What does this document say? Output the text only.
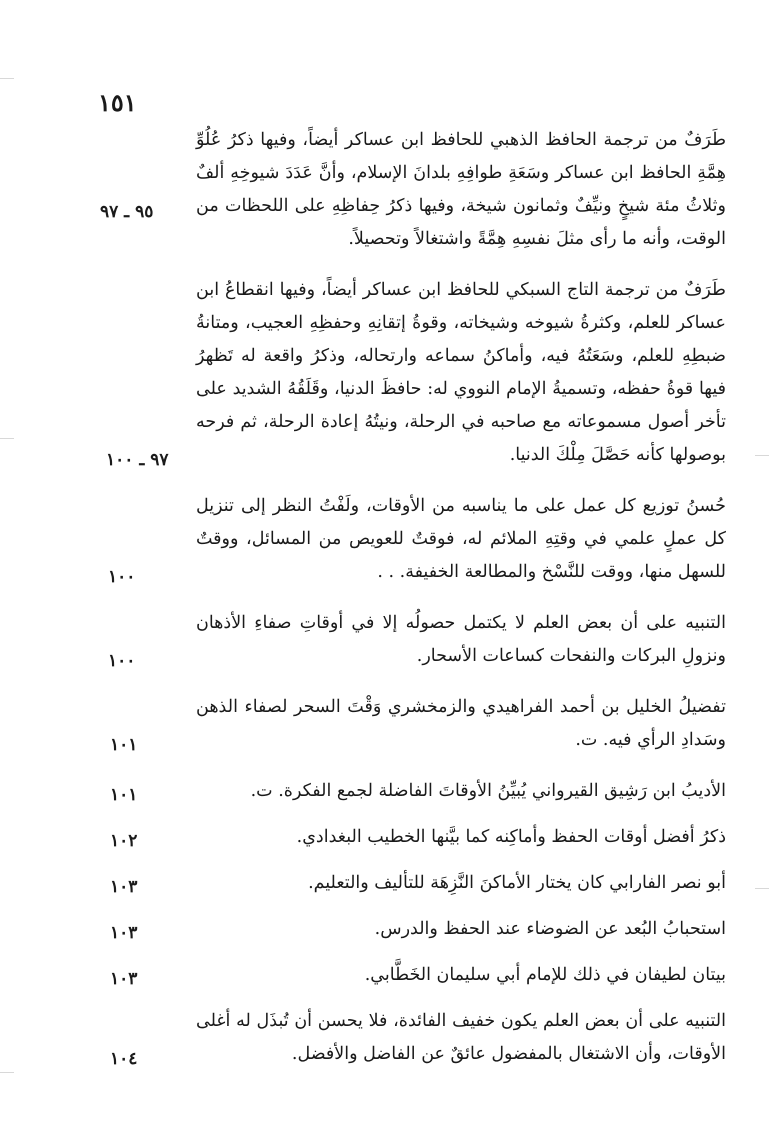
١٥١
طَرَفٌ من ترجمة الحافظ الذهبي للحافظ ابن عساكر أيضاً، وفيها ذكرُ عُلُوِّ هِمَّةِ الحافظ ابن عساكر وسَعَةِ طوافِهِ بلدانَ الإسلام، وأنَّ عَدَدَ شيوخِهِ ألفٌ وثلاثُ مئة شيخٍ ونيِّفٌ وثمانون شيخة، وفيها ذكرُ حِفاظِهِ على اللحظات من الوقت، وأنه ما رأى مثلَ نفسِهِ هِمَّةً واشتغالاً وتحصيلاً.
٩٥ ـ ٩٧
طَرَفٌ من ترجمة التاج السبكي للحافظ ابن عساكر أيضاً، وفيها انقطاعُ ابن عساكر للعلم، وكثرةُ شيوخه وشيخاته، وقوةُ إتقانِهِ وحفظِهِ العجيب، ومتانةُ ضبطِهِ للعلم، وسَعَتُهُ فيه، وأماكنُ سماعه وارتحاله، وذكرُ واقعة له تَظهرُ فيها قوةُ حفظه، وتسميةُ الإمام النووي له: حافظَ الدنيا، وقَلَقُهُ الشديد على تأخر أصول مسموعاته مع صاحبه في الرحلة، ونيتُهُ إعادة الرحلة، ثم فرحه بوصولها كأنه حَصَّلَ مِلْكَ الدنيا.
٩٧ ـ ١٠٠
حُسنُ توزيع كل عمل على ما يناسبه من الأوقات، ولَفْتُ النظر إلى تنزيل كل عملٍ علمي في وقتِهِ الملائم له، فوقتٌ للعويص من المسائل، ووقتٌ للسهل منها، ووقت للنَّسْخ والمطالعة الخفيفة. . .
١٠٠
التنبيه على أن بعض العلم لا يكتمل حصولُه إلا في أوقاتِ صفاءِ الأذهان ونزولِ البركات والنفحات كساعات الأسحار.
١٠٠
تفضيلُ الخليل بن أحمد الفراهيدي والزمخشري وَقْتَ السحر لصفاء الذهن وسَدادِ الرأي فيه. ت.
١٠١
الأديبُ ابن رَشِيق القيرواني يُبيِّنُ الأوقاتَ الفاضلة لجمع الفكرة. ت.
١٠١
ذكرُ أفضل أوقات الحفظ وأماكِنه كما بيَّنها الخطيب البغدادي.
١٠٢
أبو نصر الفارابي كان يختار الأماكنَ النَّزِهَة للتأليف والتعليم.
١٠٣
استحبابُ البُعد عن الضوضاء عند الحفظ والدرس.
١٠٣
بيتان لطيفان في ذلك للإمام أبي سليمان الخَطَّابي.
١٠٣
التنبيه على أن بعض العلم يكون خفيف الفائدة، فلا يحسن أن تُبذَل له أغلى الأوقات، وأن الاشتغال بالمفضول عائقٌ عن الفاضل والأفضل.
١٠٤
